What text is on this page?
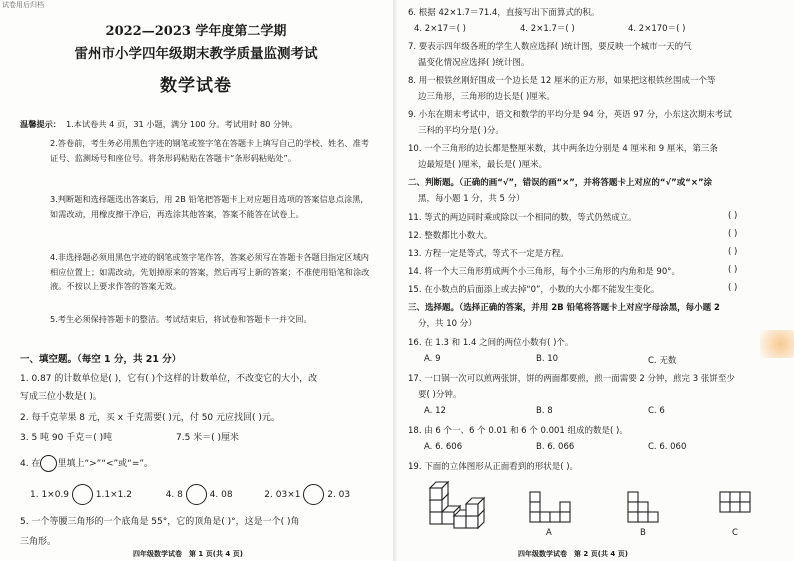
试卷用后归档
2022—2023 学年度第二学期
雷州市小学四年级期末教学质量监测考试
数学试卷
温馨提示： 1.本试卷共 4 页，31 小题，满分 100 分。考试用时 80 分钟。
2.答卷前，考生务必用黑色字迹的钢笔或签字笔在答题卡上填写自己的学校、姓名、准考证号、监测场号和座位号。将条形码粘贴在答题卡“条形码粘贴处”。
3.判断题和选择题选出答案后，用 2B 铅笔把答题卡上对应题目选项的答案信息点涂黑，如需改动，用橡皮擦干净后，再选涂其他答案，答案不能答在试卷上。
4.非选择题必须用黑色字迹的钢笔或签字笔作答，答案必须写在答题卡各题目指定区域内相应位置上；如需改动，先划掉原来的答案，然后再写上新的答案；不准使用铅笔和涂改液。不按以上要求作答的答案无效。
5.考生必须保持答题卡的整洁。考试结束后，将试卷和答题卡一并交回。
一、填空题。（每空 1 分，共 21 分）
1. 0.87 的计数单位是( )，它有( )个这样的计数单位，不改变它的大小，改
写成三位小数是( )。
2. 每千克苹果 8 元，买 x 千克需要( )元，付 50 元应找回( )元。
3. 5 吨 90 千克＝( )吨	7.5 米＝( )厘米
4. 在 里填上“>”“<”或“=”。
1. 1×0.9	1.1×1.2	4. 8	4. 08	2. 03×1	2. 03
5. 一个等腰三角形的一个底角是 55°，它的顶角是( )°，这是一个( )角
三角形。
四年级数学试卷　第 1 页(共 4 页)
6. 根据 42×1.7＝71.4，直接写出下面算式的积。
4. 2×17＝( )	4. 2×1.7＝( )	4. 2×170＝( )
7. 要表示四年级各班的学生人数应选择( )统计图，要反映一个城市一天的气
温变化情况应选择( )统计图。
8. 用一根铁丝刚好围成一个边长是 12 厘米的正方形，如果把这根铁丝围成一个等
边三角形，三角形的边长是( )厘米。
9. 小东在期末考试中，语文和数学的平均分是 94 分，英语 97 分，小东这次期末考试
三科的平均分是( )分。
10. 一个三角形的边长都是整厘米数，其中两条边分别是 4 厘米和 9 厘米，第三条
边最短是( )厘米，最长是( )厘米。
二、判断题。（正确的画“√”，错误的画“×”，并将答题卡上对应的“√”或“×”涂
黑，每小题 1 分，共 5 分）
11. 等式的两边同时乘或除以一个相同的数，等式仍然成立。	( )
12. 整数都比小数大。	( )
13. 方程一定是等式，等式不一定是方程。	( )
14. 将一个大三角形剪成两个小三角形，每个小三角形的内角和是 90°。	( )
15. 在小数点的后面添上或去掉“0”，小数的大小都不能发生变化。	( )
三、选择题。（选择正确的答案，并用 2B 铅笔将答题卡上对应字母涂黑，每小题 2
分，共 10 分）
16. 在 1.3 和 1.4 之间的两位小数有( )个。
A. 9	B. 10	C. 无数
17. 一口锅一次可以煎两张饼，饼的两面都要煎，煎一面需要 2 分钟，煎完 3 张饼至少
要( )分钟。
A. 12	B. 8	C. 6
18. 由 6 个一、6 个 0.01 和 6 个 0.001 组成的数是( )。
A. 6. 606	B. 6. 066	C. 6. 060
19. 下面的立体图形从正面看到的形状是( )。
A	B	C
四年级数学试卷　第 2 页(共 4 页)
